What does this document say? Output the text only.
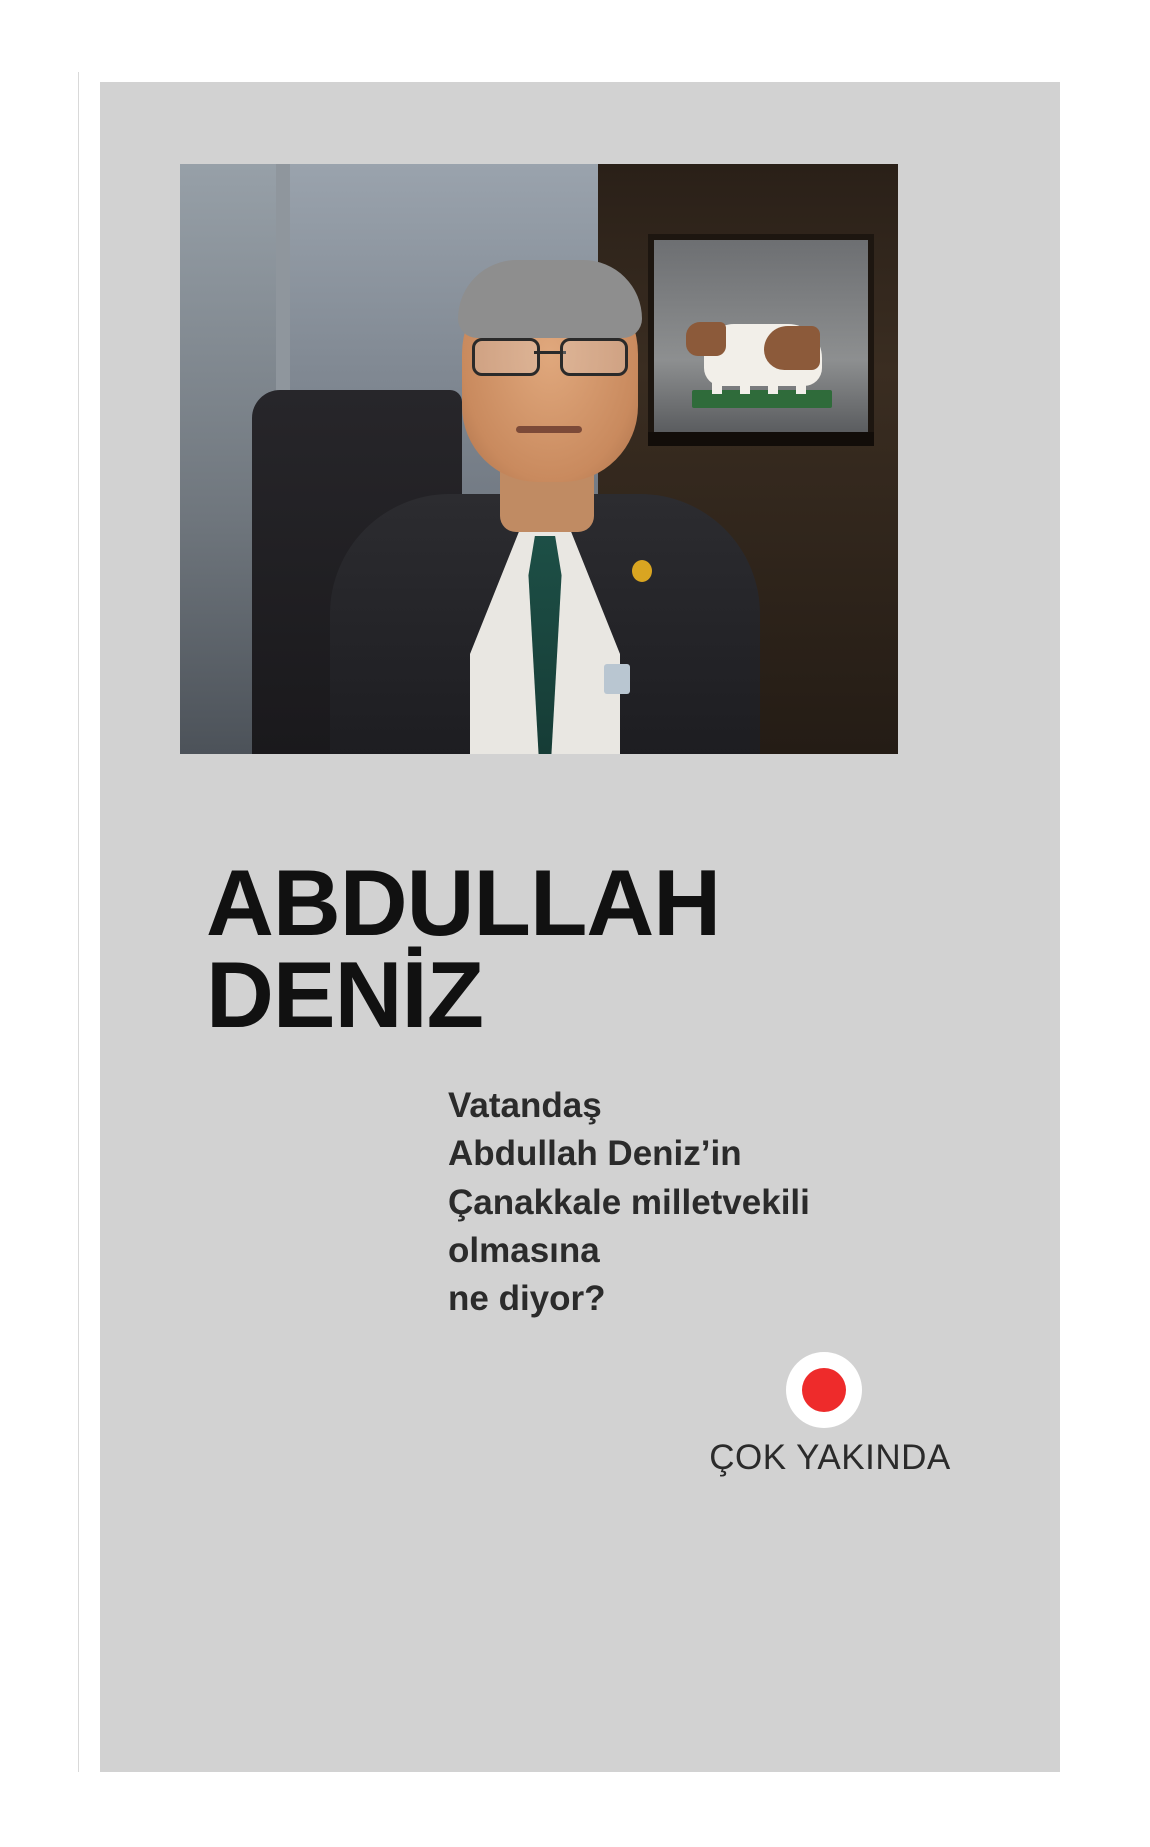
ABDULLAH
DENİZ
Vatandaş
Abdullah Deniz’in
Çanakkale milletvekili
olmasına
ne diyor?
ÇOK YAKINDA
